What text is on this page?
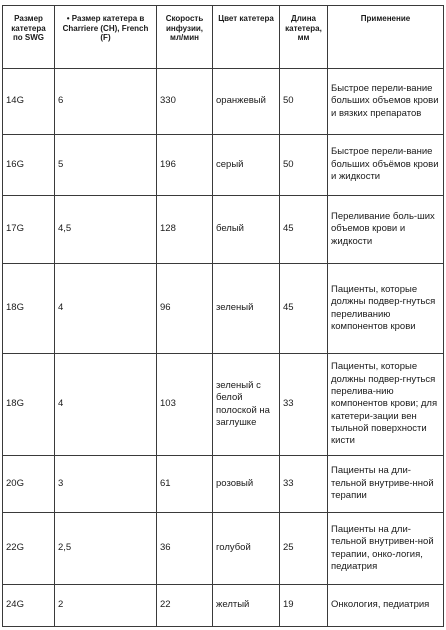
Размер катетера по SWG	• Размер катетера в Charriere (CH), French (F)	Скорость инфузии, мл/мин	Цвет катетера	Длина катетера, мм	Применение
14G	6	330	оранжевый	50	Быстрое перели-вание больших объемов крови и вязких препаратов
16G	5	196	серый	50	Быстрое перели-вание больших объёмов крови и жидкости
17G	4,5	128	белый	45	Переливание боль-ших объемов крови и жидкости
18G	4	96	зеленый	45	Пациенты, которые должны подвер-гнуться переливанию компонентов крови
18G	4	103	зеленый с белой полоской на заглушке	33	Пациенты, которые должны подвер-гнуться перелива-нию компонентов крови; для катетери-зации вен тыльной поверхности кисти
20G	3	61	розовый	33	Пациенты на дли-тельной внутриве-нной терапии
22G	2,5	36	голубой	25	Пациенты на дли-тельной внутривен-ной терапии, онко-логия, педиатрия
24G	2	22	желтый	19	Онкология, педиатрия
